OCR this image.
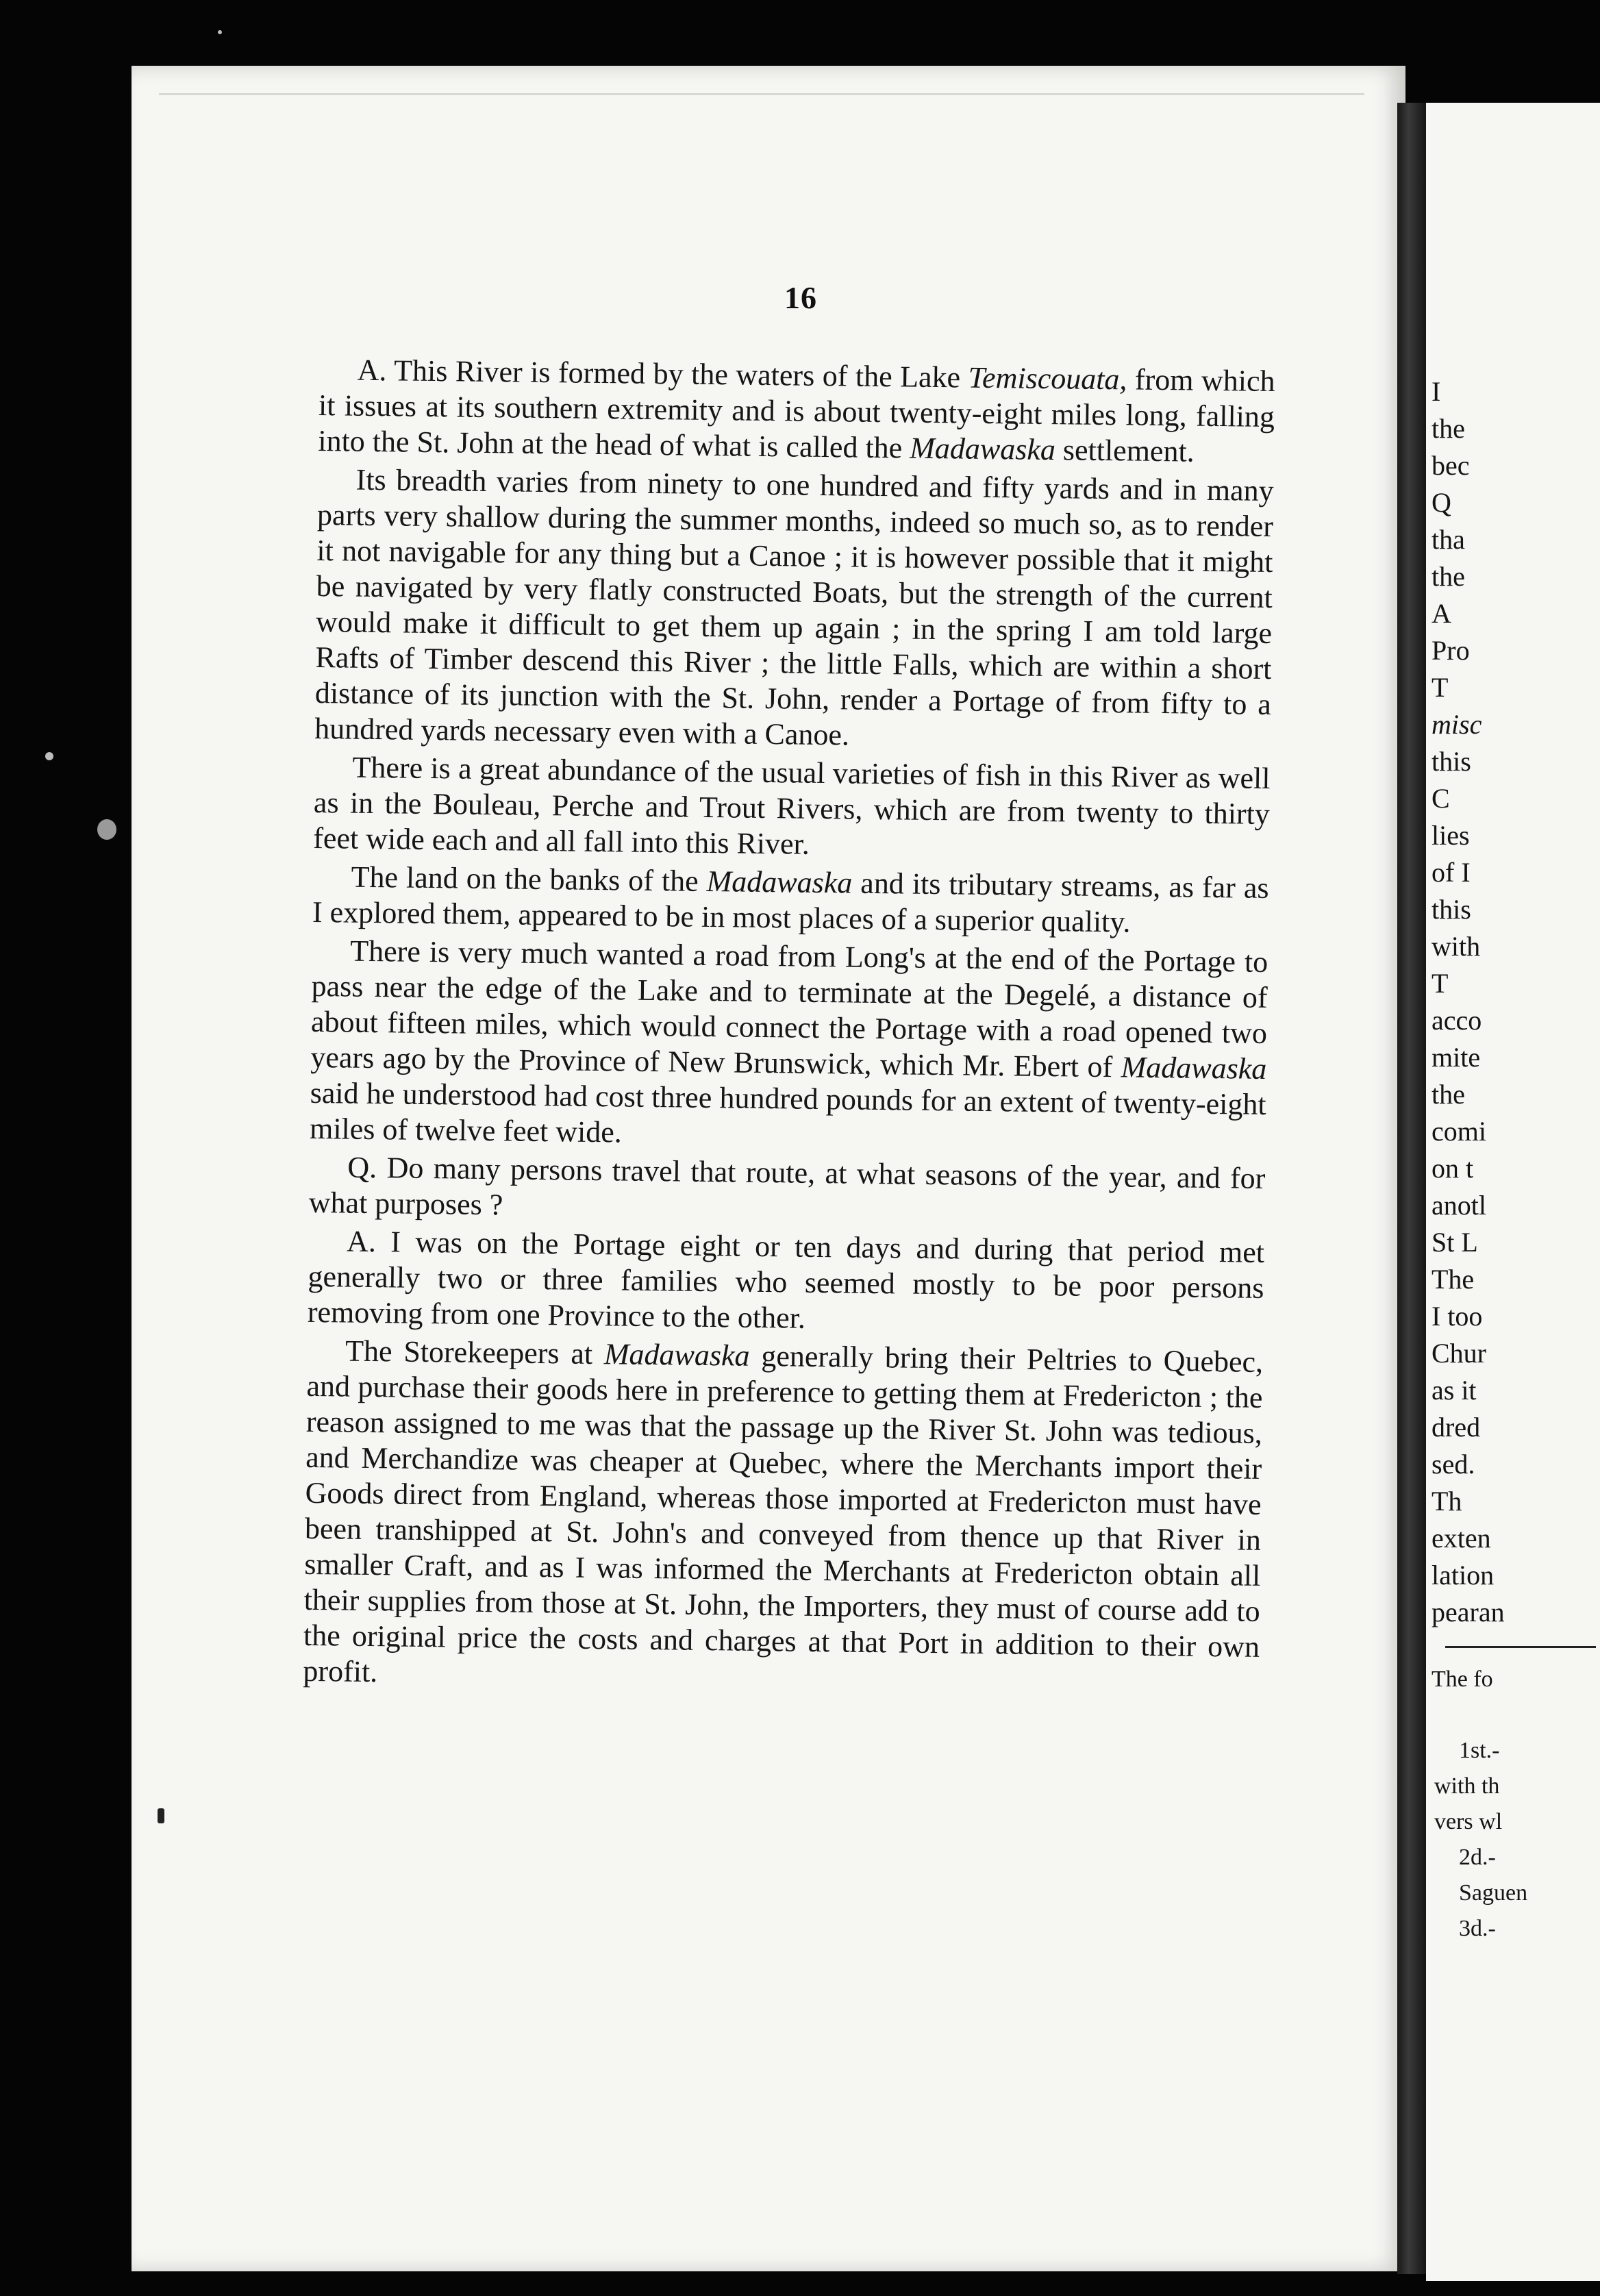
I
the
bec
Q
tha
the
A
Pro
T
misc
this
C
lies
of I
this
with
T
acco
mite
the
comi
on t
anotl
St L
The
I too
Chur
as it
dred
sed.
Th
exten
lation
pearan
The fo
1st.-
with th
vers wl
2d.-
Saguen
3d.-
16

A. This River is formed by the waters of the Lake Temiscouata, from which it issues at its southern extremity and is about twenty-eight miles long, falling into the St. John at the head of what is called the Madawaska settlement.

Its breadth varies from ninety to one hundred and fifty yards and in many parts very shallow during the summer months, indeed so much so, as to render it not navigable for any thing but a Canoe ; it is however possible that it might be navigated by very flatly constructed Boats, but the strength of the current would make it difficult to get them up again ; in the spring I am told large Rafts of Timber descend this River ; the little Falls, which are within a short distance of its junction with the St. John, render a Portage of from fifty to a hundred yards necessary even with a Canoe.

There is a great abundance of the usual varieties of fish in this River as well as in the Bouleau, Perche and Trout Rivers, which are from twenty to thirty feet wide each and all fall into this River.

The land on the banks of the Madawaska and its tributary streams, as far as I explored them, appeared to be in most places of a superior quality.

There is very much wanted a road from Long's at the end of the Portage to pass near the edge of the Lake and to terminate at the Degelé, a distance of about fifteen miles, which would connect the Portage with a road opened two years ago by the Province of New Brunswick, which Mr. Ebert of Madawaska said he understood had cost three hundred pounds for an extent of twenty-eight miles of twelve feet wide.

Q. Do many persons travel that route, at what seasons of the year, and for what purposes ?

A. I was on the Portage eight or ten days and during that period met generally two or three families who seemed mostly to be poor persons removing from one Province to the other.

The Storekeepers at Madawaska generally bring their Peltries to Quebec, and purchase their goods here in preference to getting them at Fredericton ; the reason assigned to me was that the passage up the River St. John was tedious, and Merchandize was cheaper at Quebec, where the Merchants import their Goods direct from England, whereas those imported at Fredericton must have been transhipped at St. John's and conveyed from thence up that River in smaller Craft, and as I was informed the Merchants at Fredericton obtain all their supplies from those at St. John, the Importers, they must of course add to the original price the costs and charges at that Port in addition to their own profit.
